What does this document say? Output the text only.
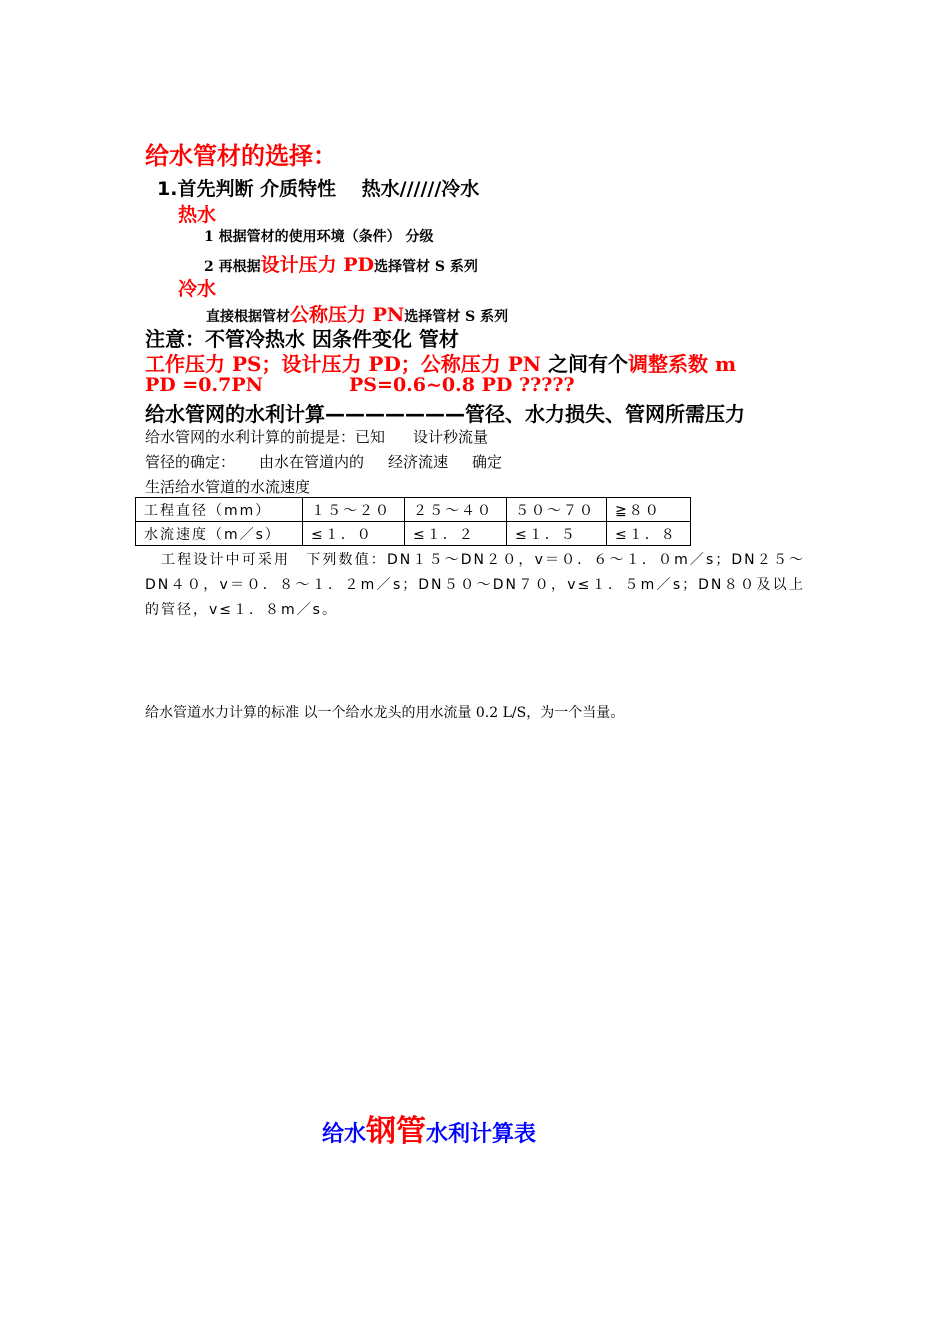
给水管材的选择：
1.首先判断 介质特性　 热水//////冷水
热水
1 根据管材的使用环境（条件） 分级
2 再根据设计压力 PD选择管材 S 系列
冷水
直接根据管材公称压力 PN选择管材 S 系列
注意：不管冷热水 因条件变化 管材
工作压力 PS；设计压力 PD；公称压力 PN 之间有个调整系数 m
PD =0.7PN	PS=0.6~0.8 PD ?????
给水管网的水利计算———————管径、水力损失、管网所需压力
给水管网的水利计算的前提是：已知 设计秒流量
管径的确定： 由水在管道内的 经济流速 确定
生活给水管道的水流速度
工程直径（mm）	１５～２０	２５～４０	５０～７０	≧８０
水流速度（m／s）	≤１．０	≤１．２	≤１．５	≤１．８
工程设计中可采用　下列数值：DN１５～DN２０，v＝０．６～１．０m／s；DN２５～DN４０，v＝０．８～１．２m／s；DN５０～DN７０，v≤１．５m／s；DN８０及以上的管径，v≤１．８m／s。
给水管道水力计算的标准 以一个给水龙头的用水流量 0.2 L/S，为一个当量。
给水钢管水利计算表
